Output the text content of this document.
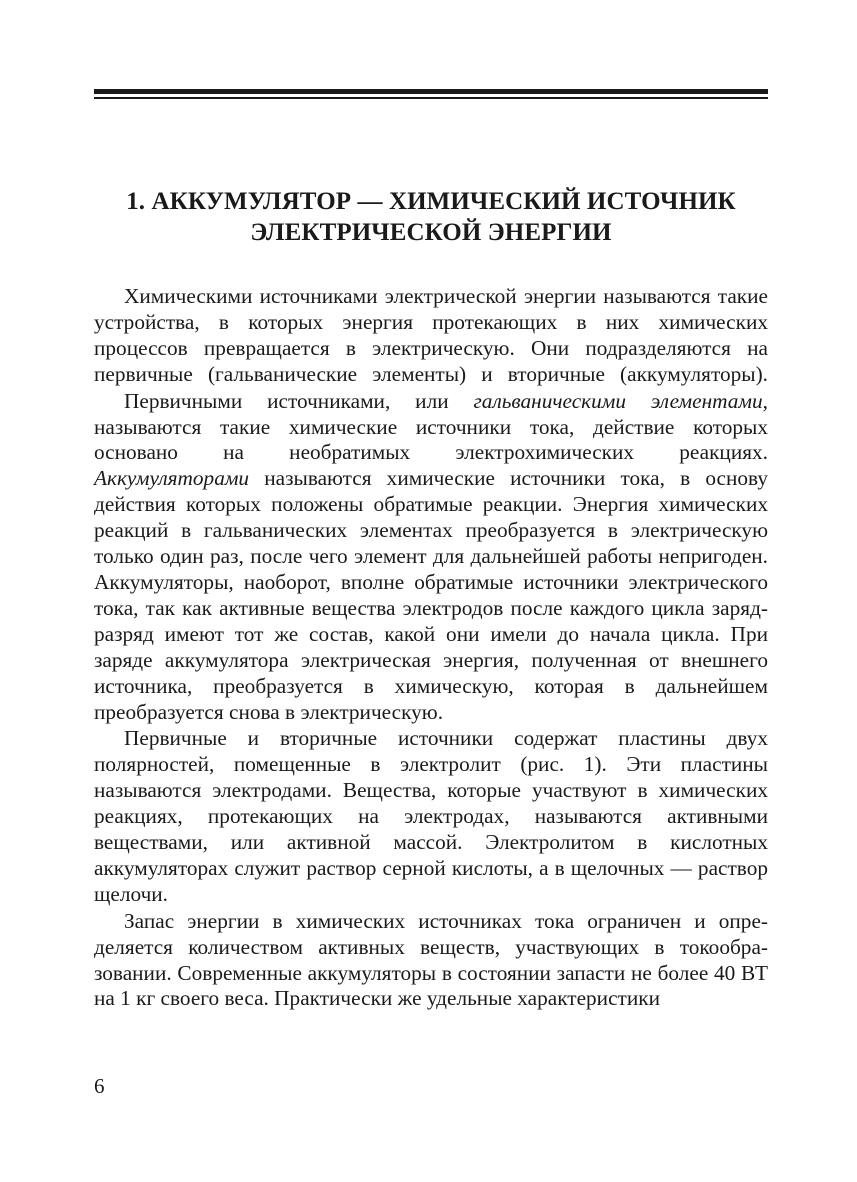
1. АККУМУЛЯТОР — ХИМИЧЕСКИЙ ИСТОЧНИК
ЭЛЕКТРИЧЕСКОЙ ЭНЕРГИИ

Химическими источниками электрической энергии называются такие устройства, в которых энергия протекающих в них химических процессов превращается в электрическую. Они подразделяются на первичные (гальванические элементы) и вторичные (аккумуляторы).

Первичными источниками, или гальваническими элементами, называются такие химические источники тока, действие которых основано на необратимых электрохимических реакциях. Аккумуляторами называются химические источники тока, в основу действия которых положены обратимые реакции. Энергия химических реакций в гальванических элементах преобразуется в электрическую только один раз, после чего элемент для дальнейшей работы непригоден. Аккумуляторы, наоборот, вполне обратимые источники электрического тока, так как активные вещества электродов после каждого цикла заряд-разряд имеют тот же состав, какой они имели до начала цикла. При заряде аккумулятора электрическая энергия, полученная от внешнего источника, преобразуется в химическую, которая в дальнейшем преобразуется снова в электрическую.

Первичные и вторичные источники содержат пластины двух полярностей, помещенные в электролит (рис. 1). Эти пластины называются электродами. Вещества, которые участвуют в химических реакциях, протекающих на электродах, называются активными веществами, или активной массой. Электролитом в кислотных аккумуляторах служит раствор серной кислоты, а в щелочных — раствор щелочи.

Запас энергии в химических источниках тока ограничен и определяется количеством активных веществ, участвующих в токообразовании. Современные аккумуляторы в состоянии запасти не более 40 ВТ на 1 кг своего веса. Практически же удельные характеристики

6
